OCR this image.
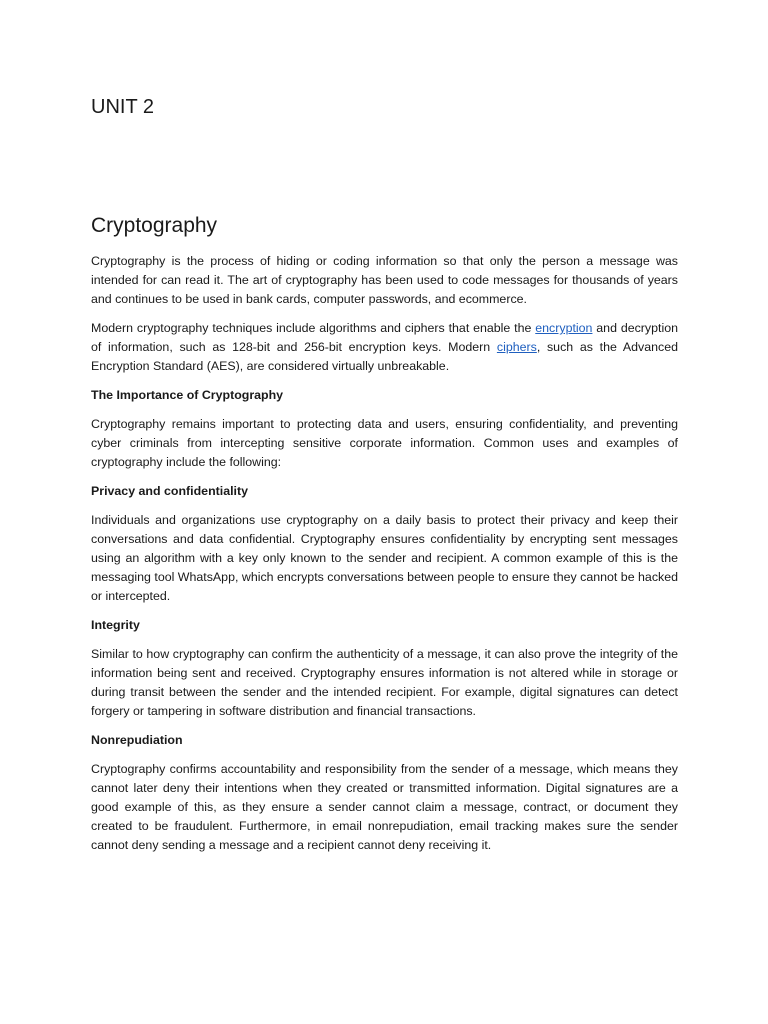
UNIT 2
Cryptography

Cryptography is the process of hiding or coding information so that only the person a message was intended for can read it. The art of cryptography has been used to code messages for thousands of years and continues to be used in bank cards, computer passwords, and ecommerce.

Modern cryptography techniques include algorithms and ciphers that enable the encryption and decryption of information, such as 128-bit and 256-bit encryption keys. Modern ciphers, such as the Advanced Encryption Standard (AES), are considered virtually unbreakable.

The Importance of Cryptography

Cryptography remains important to protecting data and users, ensuring confidentiality, and preventing cyber criminals from intercepting sensitive corporate information. Common uses and examples of cryptography include the following:

Privacy and confidentiality

Individuals and organizations use cryptography on a daily basis to protect their privacy and keep their conversations and data confidential. Cryptography ensures confidentiality by encrypting sent messages using an algorithm with a key only known to the sender and recipient. A common example of this is the messaging tool WhatsApp, which encrypts conversations between people to ensure they cannot be hacked or intercepted.

Integrity

Similar to how cryptography can confirm the authenticity of a message, it can also prove the integrity of the information being sent and received. Cryptography ensures information is not altered while in storage or during transit between the sender and the intended recipient. For example, digital signatures can detect forgery or tampering in software distribution and financial transactions.

Nonrepudiation

Cryptography confirms accountability and responsibility from the sender of a message, which means they cannot later deny their intentions when they created or transmitted information. Digital signatures are a good example of this, as they ensure a sender cannot claim a message, contract, or document they created to be fraudulent. Furthermore, in email nonrepudiation, email tracking makes sure the sender cannot deny sending a message and a recipient cannot deny receiving it.
